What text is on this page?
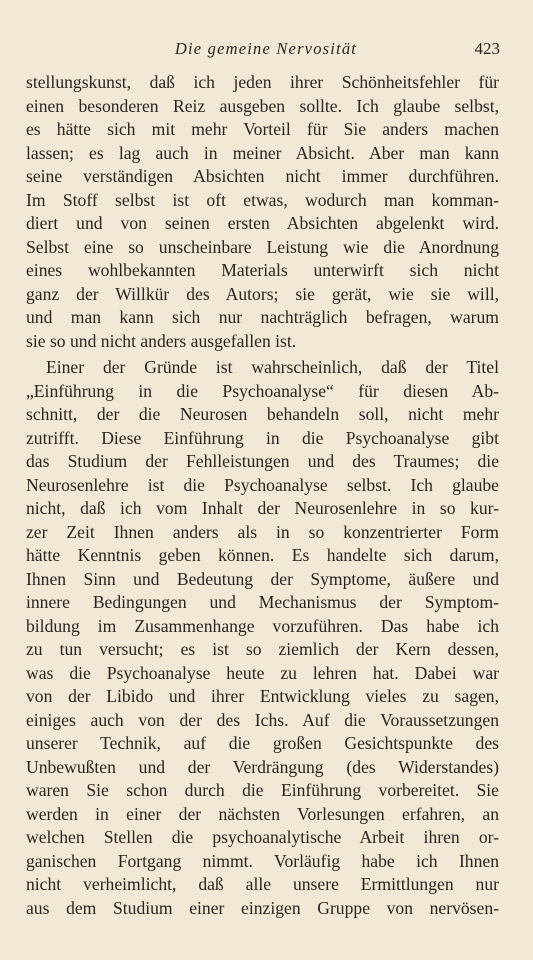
Die gemeine Nervosität	423
stellungskunst, daß ich jeden ihrer Schönheitsfehler für
einen besonderen Reiz ausgeben sollte. Ich glaube selbst,
es hätte sich mit mehr Vorteil für Sie anders machen
lassen; es lag auch in meiner Absicht. Aber man kann
seine verständigen Absichten nicht immer durchführen.
Im Stoff selbst ist oft etwas, wodurch man komman-
diert und von seinen ersten Absichten abgelenkt wird.
Selbst eine so unscheinbare Leistung wie die Anordnung
eines wohlbekannten Materials unterwirft sich nicht
ganz der Willkür des Autors; sie gerät, wie sie will,
und man kann sich nur nachträglich befragen, warum
sie so und nicht anders ausgefallen ist.
Einer der Gründe ist wahrscheinlich, daß der Titel
„Einführung in die Psychoanalyse“ für diesen Ab-
schnitt, der die Neurosen behandeln soll, nicht mehr
zutrifft. Diese Einführung in die Psychoanalyse gibt
das Studium der Fehlleistungen und des Traumes; die
Neurosenlehre ist die Psychoanalyse selbst. Ich glaube
nicht, daß ich vom Inhalt der Neurosenlehre in so kur-
zer Zeit Ihnen anders als in so konzentrierter Form
hätte Kenntnis geben können. Es handelte sich darum,
Ihnen Sinn und Bedeutung der Symptome, äußere und
innere Bedingungen und Mechanismus der Symptom-
bildung im Zusammenhange vorzuführen. Das habe ich
zu tun versucht; es ist so ziemlich der Kern dessen,
was die Psychoanalyse heute zu lehren hat. Dabei war
von der Libido und ihrer Entwicklung vieles zu sagen,
einiges auch von der des Ichs. Auf die Voraussetzungen
unserer Technik, auf die großen Gesichtspunkte des
Unbewußten und der Verdrängung (des Widerstandes)
waren Sie schon durch die Einführung vorbereitet. Sie
werden in einer der nächsten Vorlesungen erfahren, an
welchen Stellen die psychoanalytische Arbeit ihren or-
ganischen Fortgang nimmt. Vorläufig habe ich Ihnen
nicht verheimlicht, daß alle unsere Ermittlungen nur
aus dem Studium einer einzigen Gruppe von nervösen-
